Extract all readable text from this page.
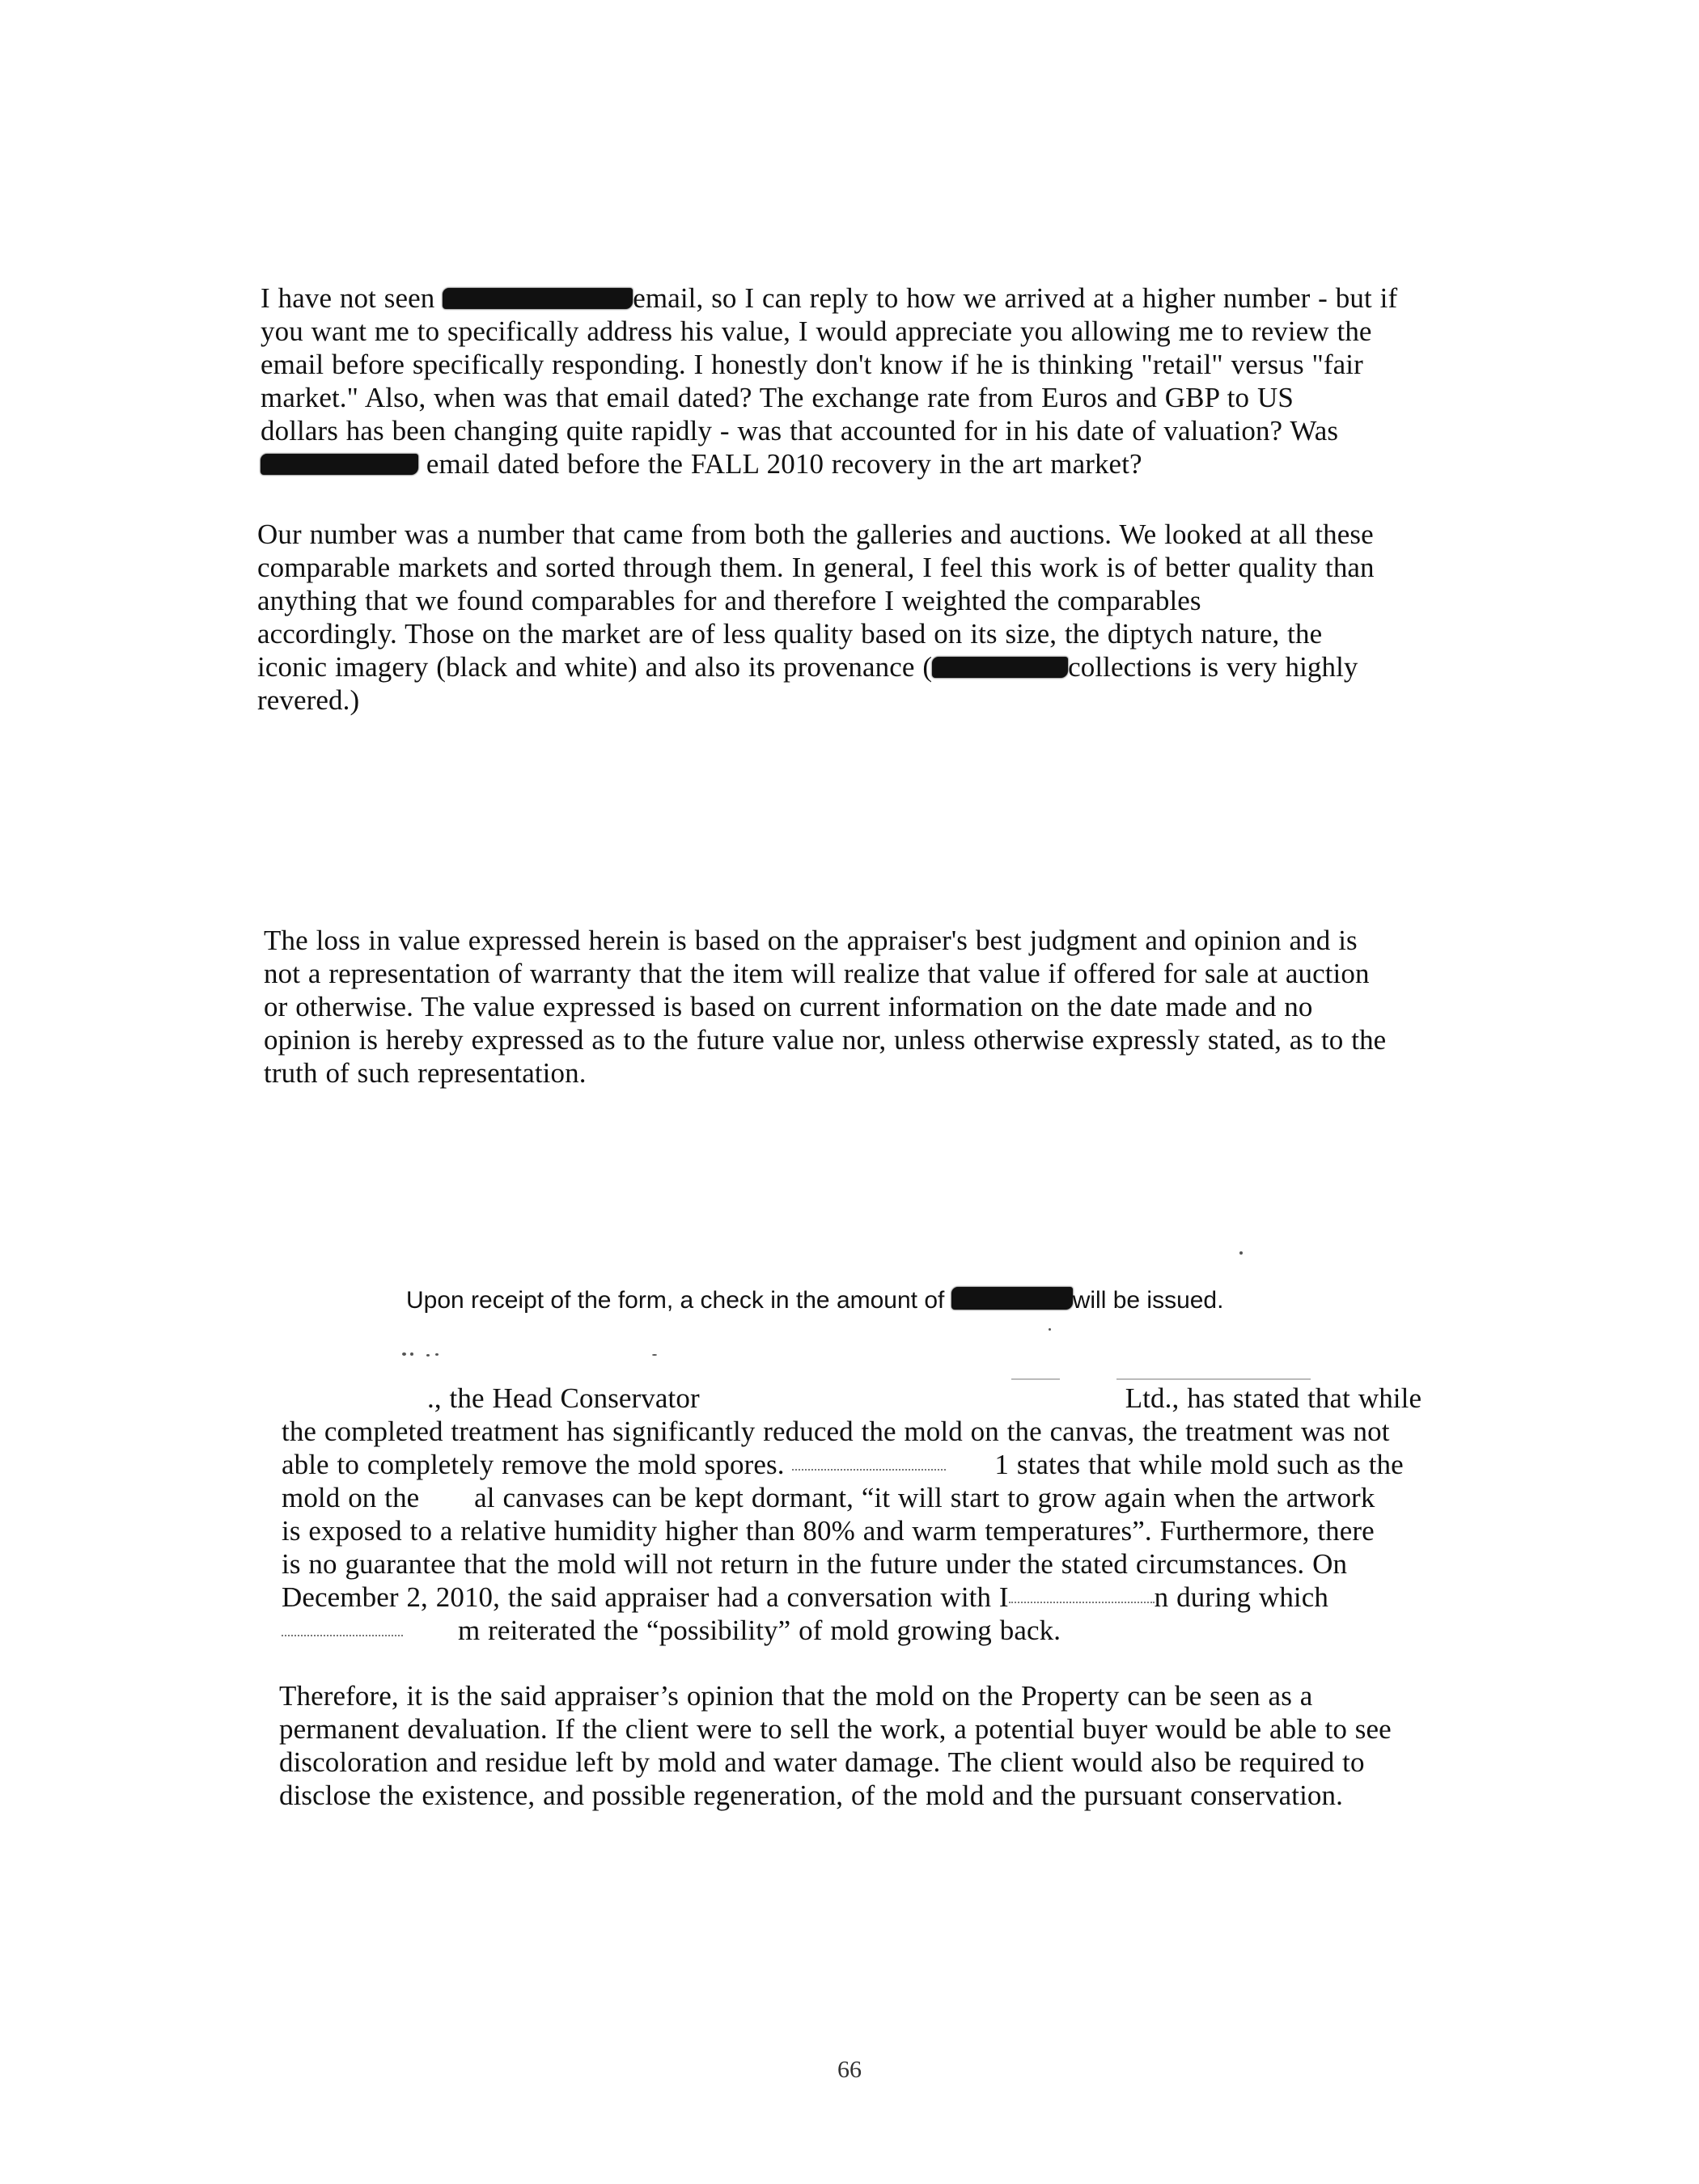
I have not seen	email, so I can reply to how we arrived at a higher number - but if
you want me to specifically address his value, I would appreciate you allowing me to review the
email before specifically responding. I honestly don't know if he is thinking "retail" versus "fair
market." Also, when was that email dated? The exchange rate from Euros and GBP to US
dollars has been changing quite rapidly - was that accounted for in his date of valuation? Was
email dated before the FALL 2010 recovery in the art market?
Our number was a number that came from both the galleries and auctions. We looked at all these
comparable markets and sorted through them. In general, I feel this work is of better quality than
anything that we found comparables for and therefore I weighted the comparables
accordingly. Those on the market are of less quality based on its size, the diptych nature, the
iconic imagery (black and white) and also its provenance (	collections is very highly
revered.)
The loss in value expressed herein is based on the appraiser's best judgment and opinion and is
not a representation of warranty that the item will realize that value if offered for sale at auction
or otherwise. The value expressed is based on current information on the date made and no
opinion is hereby expressed as to the future value nor, unless otherwise expressly stated, as to the
truth of such representation.
Upon receipt of the form, a check in the amount of	will be issued.
., the Head Conservator	Ltd., has stated that while
the completed treatment has significantly reduced the mold on the canvas, the treatment was not
able to completely remove the mold spores.	1 states that while mold such as the
mold on the al canvases can be kept dormant, “it will start to grow again when the artwork
is exposed to a relative humidity higher than 80% and warm temperatures”. Furthermore, there
is no guarantee that the mold will not return in the future under the stated circumstances. On
December 2, 2010, the said appraiser had a conversation with I	n during which
m reiterated the “possibility” of mold growing back.
Therefore, it is the said appraiser’s opinion that the mold on the Property can be seen as a
permanent devaluation. If the client were to sell the work, a potential buyer would be able to see
discoloration and residue left by mold and water damage. The client would also be required to
disclose the existence, and possible regeneration, of the mold and the pursuant conservation.
66
